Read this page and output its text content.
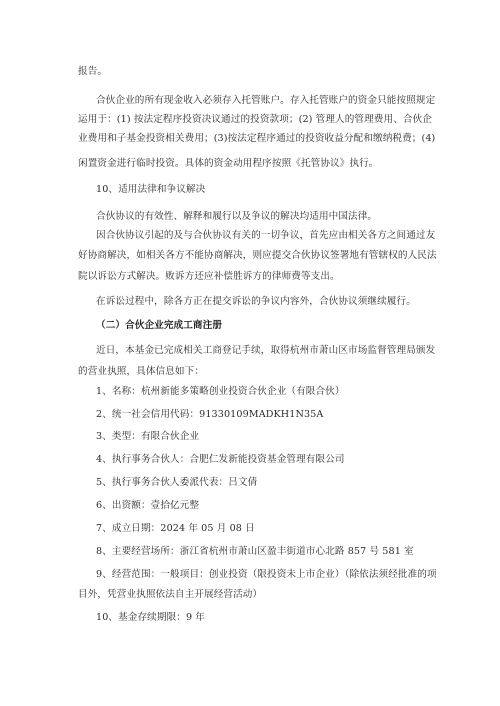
报告。
合伙企业的所有现金收入必须存入托管账户。存入托管账户的资金只能按照规定
运用于：(1) 按法定程序投资决议通过的投资款项；(2) 管理人的管理费用、合伙企
业费用和子基金投资相关费用；(3)按法定程序通过的投资收益分配和缴纳税费；(4)
闲置资金进行临时投资。具体的资金动用程序按照《托管协议》执行。
10、适用法律和争议解决
合伙协议的有效性、解释和履行以及争议的解决均适用中国法律。
因合伙协议引起的及与合伙协议有关的一切争议，首先应由相关各方之间通过友
好协商解决，如相关各方不能协商解决，则应提交合伙协议签署地有管辖权的人民法
院以诉讼方式解决。败诉方还应补偿胜诉方的律师费等支出。
在诉讼过程中，除各方正在提交诉讼的争议内容外，合伙协议须继续履行。
（二）合伙企业完成工商注册
近日，本基金已完成相关工商登记手续，取得杭州市萧山区市场监督管理局颁发
的营业执照，具体信息如下：
1、名称：杭州新能多策略创业投资合伙企业（有限合伙）
2、统一社会信用代码：91330109MADKH1N35A
3、类型：有限合伙企业
4、执行事务合伙人：合肥仁发新能投资基金管理有限公司
5、执行事务合伙人委派代表：吕文倩
6、出资额：壹拾亿元整
7、成立日期：2024 年 05 月 08 日
8、主要经营场所：浙江省杭州市萧山区盈丰街道市心北路 857 号 581 室
9、经营范围：一般项目：创业投资（限投资未上市企业）（除依法须经批准的项
目外，凭营业执照依法自主开展经营活动）
10、基金存续期限：9 年
